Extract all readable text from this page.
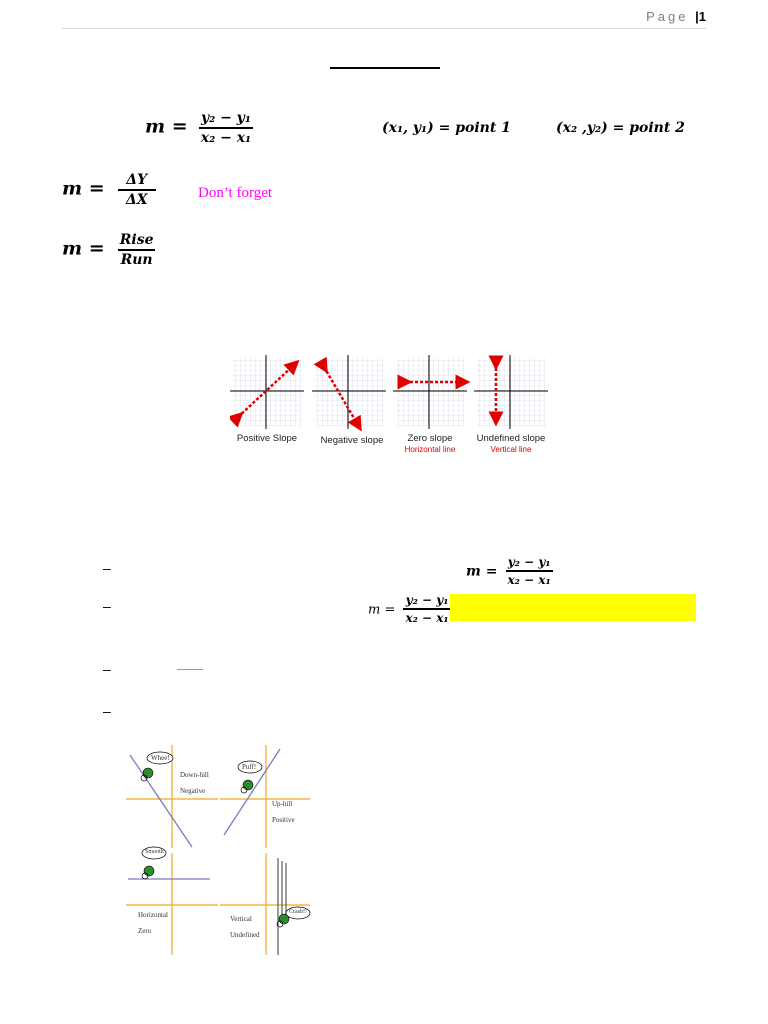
Page |1
$m = \frac{\text{y₂ − y₁}}{\text{x₂ − x₁}}$	(x₁, y₁) = point 1	(x₂ ,y₂) = point 2
$m = \frac{\Delta Y}{\Delta X}$	Don’t forget
$m = \frac{\text{Rise}}{\text{Run}}$
Positive Slope	Negative slope	Zero slope
Horizontal line
Undefined slope
Vertical line
–	$m = \frac{\text{y₂ − y₁}}{\text{x₂ − x₁}}$
–	$m = \frac{\text{y₂ − y₁}}{\text{x₂ − x₁}}$
–
–
Whee!
Puff!
Smooth
Crash!!
Down-hill
Negative
Up-hill
Positive
Horizontal
Zero
Vertical
Undefined
